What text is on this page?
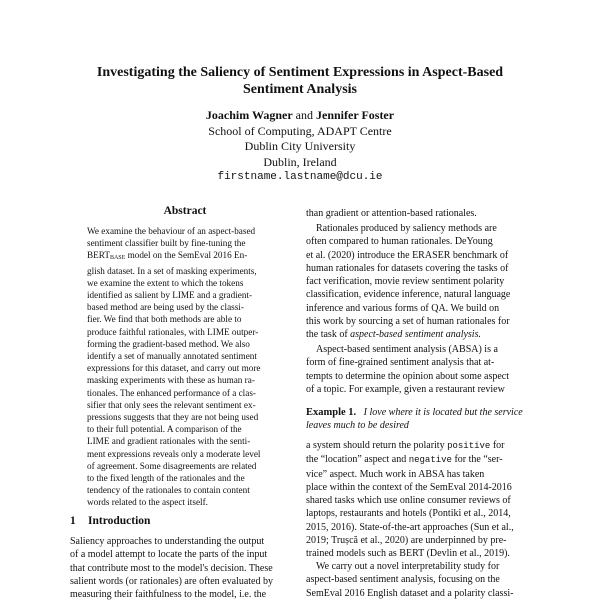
Investigating the Saliency of Sentiment Expressions in Aspect-Based
Sentiment Analysis
Joachim Wagner and Jennifer Foster
School of Computing, ADAPT Centre
Dublin City University
Dublin, Ireland
firstname.lastname@dcu.ie
Abstract
We examine the behaviour of an aspect-based
sentiment classifier built by fine-tuning the
$BERT_{BASE}$ model on the SemEval 2016 En-
glish dataset. In a set of masking experiments,
we examine the extent to which the tokens
identified as salient by LIME and a gradient-
based method are being used by the classi-
fier. We find that both methods are able to
produce faithful rationales, with LIME outper-
forming the gradient-based method. We also
identify a set of manually annotated sentiment
expressions for this dataset, and carry out more
masking experiments with these as human ra-
tionales. The enhanced performance of a clas-
sifier that only sees the relevant sentiment ex-
pressions suggests that they are not being used
to their full potential. A comparison of the
LIME and gradient rationales with the senti-
ment expressions reveals only a moderate level
of agreement. Some disagreements are related
to the fixed length of the rationales and the
tendency of the rationales to contain content
words related to the aspect itself.
1 Introduction
Saliency approaches to understanding the output
of a model attempt to locate the parts of the input
that contribute most to the model's decision. These
salient words (or rationales) are often evaluated by
measuring their faithfulness to the model, i.e. the
than gradient or attention-based rationales.
Rationales produced by saliency methods are
often compared to human rationales. DeYoung
et al. (2020) introduce the ERASER benchmark of
human rationales for datasets covering the tasks of
fact verification, movie review sentiment polarity
classification, evidence inference, natural language
inference and various forms of QA. We build on
this work by sourcing a set of human rationales for
the task of aspect-based sentiment analysis.
Aspect-based sentiment analysis (ABSA) is a
form of fine-grained sentiment analysis that at-
tempts to determine the opinion about some aspect
of a topic. For example, given a restaurant review
Example 1. I love where it is located but the service leaves much to be desired
a system should return the polarity positive for
the “location” aspect and negative for the “ser-
vice” aspect. Much work in ABSA has taken
place within the context of the SemEval 2014-2016
shared tasks which use online consumer reviews of
laptops, restaurants and hotels (Pontiki et al., 2014,
2015, 2016). State-of-the-art approaches (Sun et al.,
2019; Trușcă et al., 2020) are underpinned by pre-
trained models such as BERT (Devlin et al., 2019).
We carry out a novel interpretability study for
aspect-based sentiment analysis, focusing on the
SemEval 2016 English dataset and a polarity classi-
